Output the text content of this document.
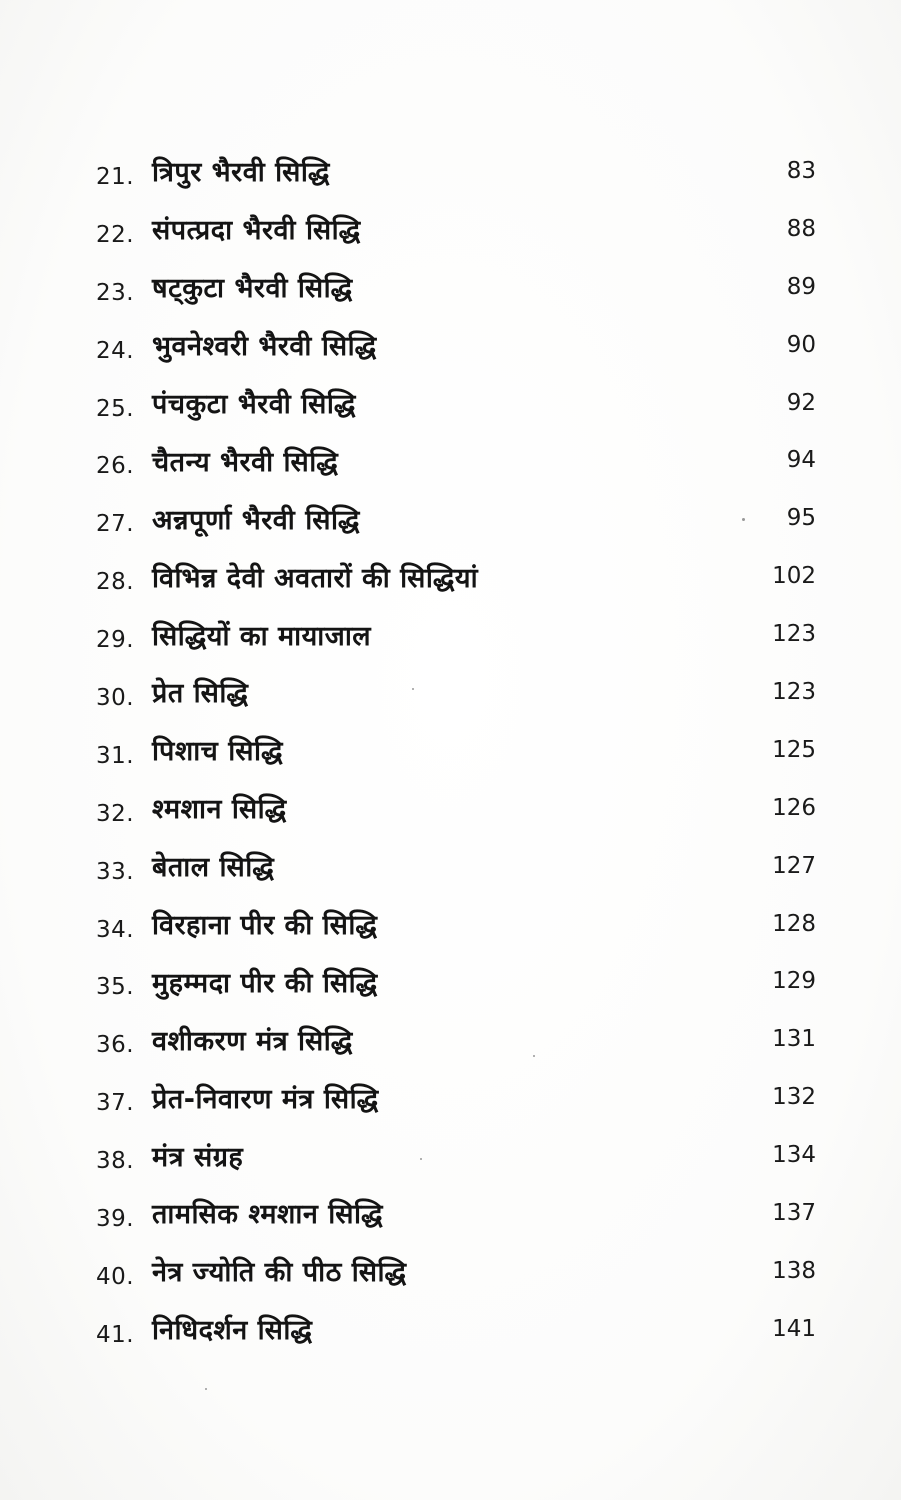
21. त्रिपुर भैरवी सिद्धि	83
22. संपत्प्रदा भैरवी सिद्धि	88
23. षट्कुटा भैरवी सिद्धि	89
24. भुवनेश्वरी भैरवी सिद्धि	90
25. पंचकुटा भैरवी सिद्धि	92
26. चैतन्य भैरवी सिद्धि	94
27. अन्नपूर्णा भैरवी सिद्धि	95
28. विभिन्न देवी अवतारों की सिद्धियां	102
29. सिद्धियों का मायाजाल	123
30. प्रेत सिद्धि	123
31. पिशाच सिद्धि	125
32. श्मशान सिद्धि	126
33. बेताल सिद्धि	127
34. विरहाना पीर की सिद्धि	128
35. मुहम्मदा पीर की सिद्धि	129
36. वशीकरण मंत्र सिद्धि	131
37. प्रेत-निवारण मंत्र सिद्धि	132
38. मंत्र संग्रह	134
39. तामसिक श्मशान सिद्धि	137
40. नेत्र ज्योति की पीठ सिद्धि	138
41. निधिदर्शन सिद्धि	141
